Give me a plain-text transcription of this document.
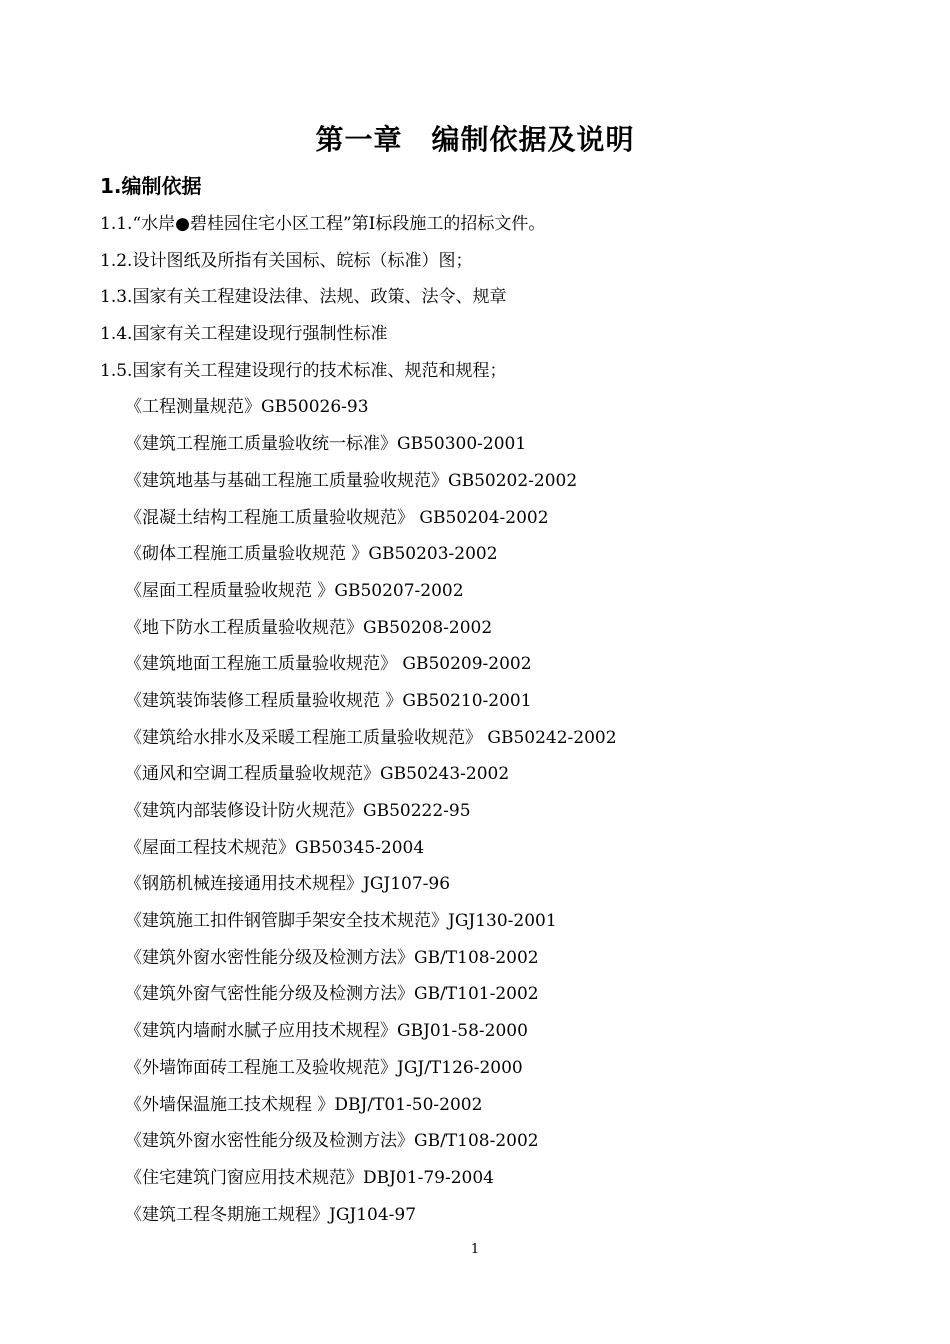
第一章　编制依据及说明
1.编制依据
1.1.“水岸●碧桂园住宅小区工程”第Ⅰ标段施工的招标文件。
1.2.设计图纸及所指有关国标、皖标（标准）图；
1.3.国家有关工程建设法律、法规、政策、法令、规章
1.4.国家有关工程建设现行强制性标准
1.5.国家有关工程建设现行的技术标准、规范和规程；
《工程测量规范》GB50026-93
《建筑工程施工质量验收统一标准》GB50300-2001
《建筑地基与基础工程施工质量验收规范》GB50202-2002
《混凝土结构工程施工质量验收规范》 GB50204-2002
《砌体工程施工质量验收规范 》GB50203-2002
《屋面工程质量验收规范 》GB50207-2002
《地下防水工程质量验收规范》GB50208-2002
《建筑地面工程施工质量验收规范》 GB50209-2002
《建筑装饰装修工程质量验收规范 》GB50210-2001
《建筑给水排水及采暖工程施工质量验收规范》 GB50242-2002
《通风和空调工程质量验收规范》GB50243-2002
《建筑内部装修设计防火规范》GB50222-95
《屋面工程技术规范》GB50345-2004
《钢筋机械连接通用技术规程》JGJ107-96
《建筑施工扣件钢管脚手架安全技术规范》JGJ130-2001
《建筑外窗水密性能分级及检测方法》GB/T108-2002
《建筑外窗气密性能分级及检测方法》GB/T101-2002
《建筑内墙耐水腻子应用技术规程》GBJ01-58-2000
《外墙饰面砖工程施工及验收规范》JGJ/T126-2000
《外墙保温施工技术规程 》DBJ/T01-50-2002
《建筑外窗水密性能分级及检测方法》GB/T108-2002
《住宅建筑门窗应用技术规范》DBJ01-79-2004
《建筑工程冬期施工规程》JGJ104-97
1
